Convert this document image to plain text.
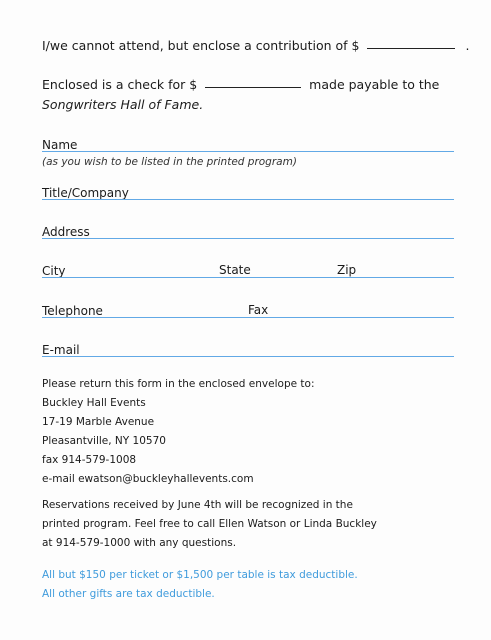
I/we cannot attend, but enclose a contribution of $	.
Enclosed is a check for $	made payable to the
Songwriters Hall of Fame.
Name
(as you wish to be listed in the printed program)
Title/Company
Address
City	State	Zip
Telephone	Fax
E-mail
Please return this form in the enclosed envelope to:
Buckley Hall Events
17-19 Marble Avenue
Pleasantville, NY 10570
fax 914-579-1008
e-mail ewatson@buckleyhallevents.com
Reservations received by June 4th will be recognized in the
printed program. Feel free to call Ellen Watson or Linda Buckley
at 914-579-1000 with any questions.
All but $150 per ticket or $1,500 per table is tax deductible.
All other gifts are tax deductible.
